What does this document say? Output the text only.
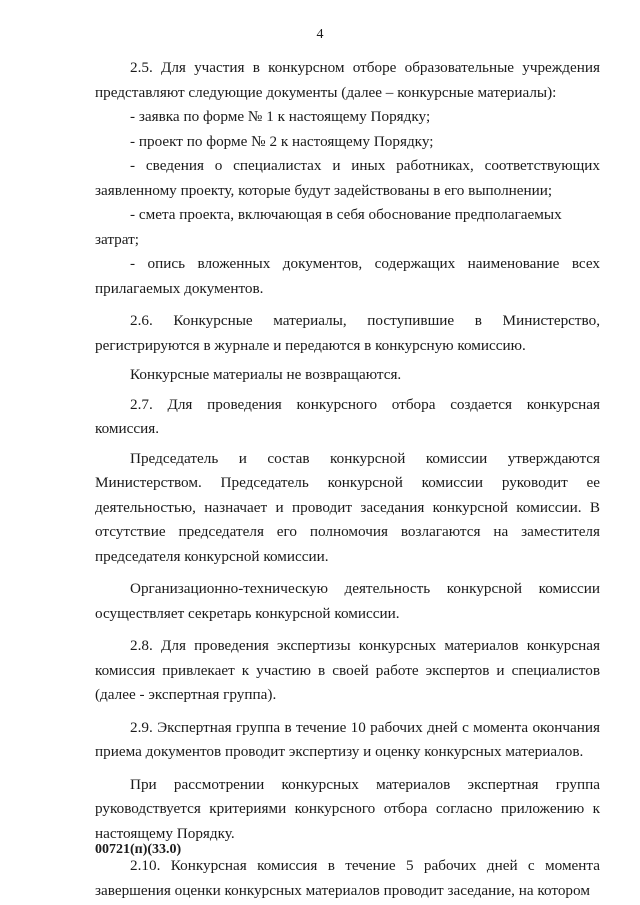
4

2.5. Для участия в конкурсном отборе образовательные учреждения представляют следующие документы (далее – конкурсные материалы):

- заявка по форме № 1 к настоящему Порядку;

- проект по форме № 2 к настоящему Порядку;

- сведения о специалистах и иных работниках, соответствующих заявленному проекту, которые будут задействованы в его выполнении;

- смета проекта, включающая в себя обоснование предполагаемых затрат;

- опись вложенных документов, содержащих наименование всех прилагаемых документов.

2.6. Конкурсные материалы, поступившие в Министерство, регистрируются в журнале и передаются в конкурсную комиссию.

Конкурсные материалы не возвращаются.

2.7. Для проведения конкурсного отбора создается конкурсная комиссия.

Председатель и состав конкурсной комиссии утверждаются Министерством. Председатель конкурсной комиссии руководит ее деятельностью, назначает и проводит заседания конкурсной комиссии. В отсутствие председателя его полномочия возлагаются на заместителя председателя конкурсной комиссии.

Организационно-техническую деятельность конкурсной комиссии осуществляет секретарь конкурсной комиссии.

2.8. Для проведения экспертизы конкурсных материалов конкурсная комиссия привлекает к участию в своей работе экспертов и специалистов (далее - экспертная группа).

2.9. Экспертная группа в течение 10 рабочих дней с момента окончания приема документов проводит экспертизу и оценку конкурсных материалов.

При рассмотрении конкурсных материалов экспертная группа руководствуется критериями конкурсного отбора согласно приложению к настоящему Порядку.

2.10. Конкурсная комиссия в течение 5 рабочих дней с момента завершения оценки конкурсных материалов проводит заседание, на котором

00721(п)(33.0)
